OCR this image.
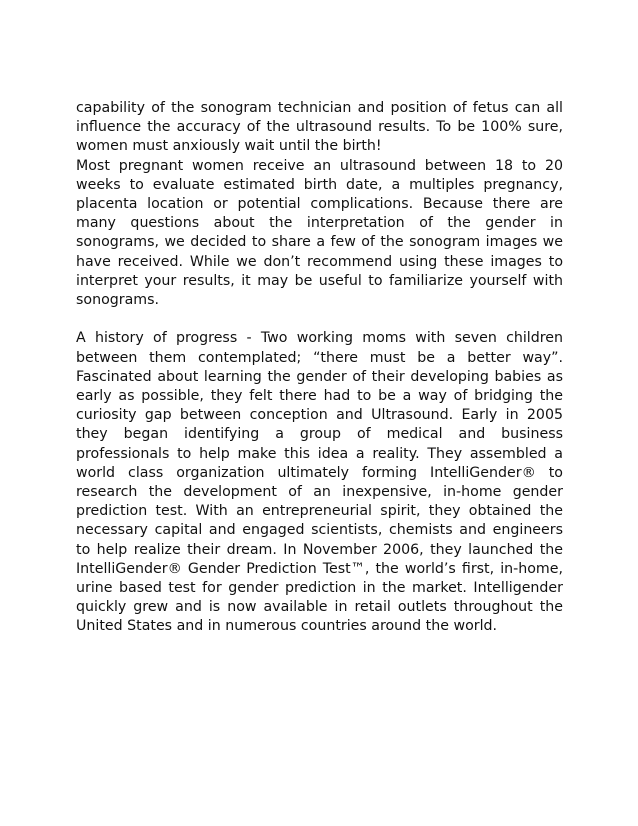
capability of the sonogram technician and position of fetus can all influence the accuracy of the ultrasound results. To be 100% sure, women must anxiously wait until the birth!

Most pregnant women receive an ultrasound between 18 to 20 weeks to evaluate estimated birth date, a multiples pregnancy, placenta location or potential complications. Because there are many questions about the interpretation of the gender in sonograms, we decided to share a few of the sonogram images we have received. While we don’t recommend using these images to interpret your results, it may be useful to familiarize yourself with sonograms.

A history of progress - Two working moms with seven children between them contemplated; “there must be a better way”. Fascinated about learning the gender of their developing babies as early as possible, they felt there had to be a way of bridging the curiosity gap between conception and Ultrasound. Early in 2005 they began identifying a group of medical and business professionals to help make this idea a reality. They assembled a world class organization ultimately forming IntelliGender® to research the development of an inexpensive, in-home gender prediction test. With an entrepreneurial spirit, they obtained the necessary capital and engaged scientists, chemists and engineers to help realize their dream. In November 2006, they launched the IntelliGender® Gender Prediction Test™, the world’s first, in-home, urine based test for gender prediction in the market. Intelligender quickly grew and is now available in retail outlets throughout the United States and in numerous countries around the world.
